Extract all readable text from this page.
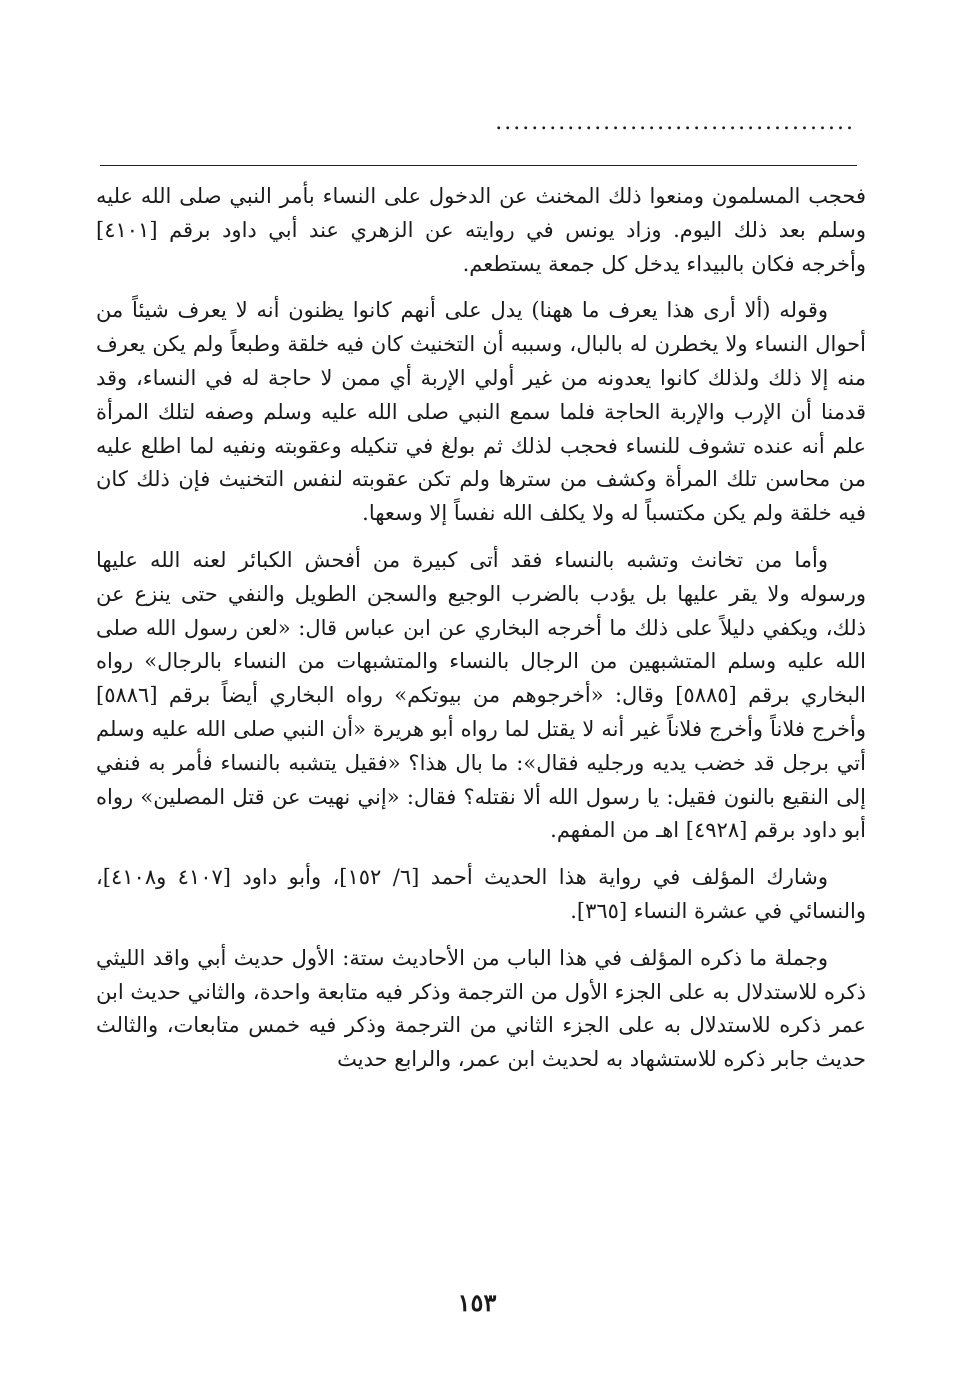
........................................

فحجب المسلمون ومنعوا ذلك المخنث عن الدخول على النساء بأمر النبي صلى الله عليه وسلم بعد ذلك اليوم. وزاد يونس في روايته عن الزهري عند أبي داود برقم [٤١٠١] وأخرجه فكان بالبيداء يدخل كل جمعة يستطعم.

وقوله (ألا أرى هذا يعرف ما ههنا) يدل على أنهم كانوا يظنون أنه لا يعرف شيئاً من أحوال النساء ولا يخطرن له بالبال، وسببه أن التخنيث كان فيه خلقة وطبعاً ولم يكن يعرف منه إلا ذلك ولذلك كانوا يعدونه من غير أولي الإربة أي ممن لا حاجة له في النساء، وقد قدمنا أن الإرب والإربة الحاجة فلما سمع النبي صلى الله عليه وسلم وصفه لتلك المرأة علم أنه عنده تشوف للنساء فحجب لذلك ثم بولغ في تنكيله وعقوبته ونفيه لما اطلع عليه من محاسن تلك المرأة وكشف من سترها ولم تكن عقوبته لنفس التخنيث فإن ذلك كان فيه خلقة ولم يكن مكتسباً له ولا يكلف الله نفساً إلا وسعها.

وأما من تخانث وتشبه بالنساء فقد أتى كبيرة من أفحش الكبائر لعنه الله عليها ورسوله ولا يقر عليها بل يؤدب بالضرب الوجيع والسجن الطويل والنفي حتى ينزع عن ذلك، ويكفي دليلاً على ذلك ما أخرجه البخاري عن ابن عباس قال: «لعن رسول الله صلى الله عليه وسلم المتشبهين من الرجال بالنساء والمتشبهات من النساء بالرجال» رواه البخاري برقم [٥٨٨٥] وقال: «أخرجوهم من بيوتكم» رواه البخاري أيضاً برقم [٥٨٨٦] وأخرج فلاناً وأخرج فلاناً غير أنه لا يقتل لما رواه أبو هريرة «أن النبي صلى الله عليه وسلم أتي برجل قد خضب يديه ورجليه فقال»: ما بال هذا؟ «فقيل يتشبه بالنساء فأمر به فنفي إلى النقيع بالنون فقيل: يا رسول الله ألا نقتله؟ فقال: «إني نهيت عن قتل المصلين» رواه أبو داود برقم [٤٩٢٨] اهـ من المفهم.

وشارك المؤلف في رواية هذا الحديث أحمد [٦/ ١٥٢]، وأبو داود [٤١٠٧ و٤١٠٨]، والنسائي في عشرة النساء [٣٦٥].

وجملة ما ذكره المؤلف في هذا الباب من الأحاديث ستة: الأول حديث أبي واقد الليثي ذكره للاستدلال به على الجزء الأول من الترجمة وذكر فيه متابعة واحدة، والثاني حديث ابن عمر ذكره للاستدلال به على الجزء الثاني من الترجمة وذكر فيه خمس متابعات، والثالث حديث جابر ذكره للاستشهاد به لحديث ابن عمر، والرابع حديث

١٥٣
